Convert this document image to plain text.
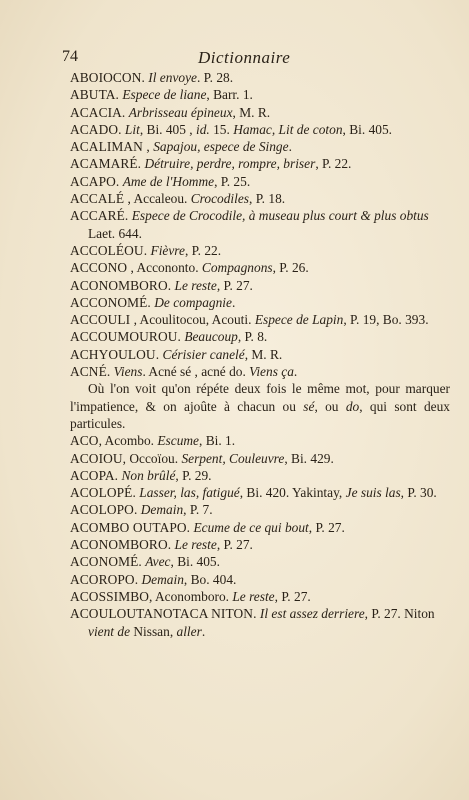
74	Dictionnaire

ABOIOCON. Il envoye. P. 28.

ABUTA. Espece de liane, Barr. 1.

ACACIA. Arbrisseau épineux, M. R.

ACADO. Lit, Bi. 405 , id. 15. Hamac, Lit de coton, Bi. 405.

ACALIMAN , Sapajou, espece de Singe.

ACAMARÉ. Détruire, perdre, rompre, briser, P. 22.

ACAPO. Ame de l'Homme, P. 25.

ACCALÉ , Accaleou. Crocodiles, P. 18.

ACCARÉ. Espece de Crocodile, à museau plus court & plus obtus Laet. 644.

ACCOLÉOU. Fièvre, P. 22.

ACCONO , Accononto. Compagnons, P. 26.

ACONOMBORO. Le reste, P. 27.

ACCONOMÉ. De compagnie.

ACCOULI , Acoulitocou, Acouti. Espece de Lapin, P. 19, Bo. 393.

ACCOUMOUROU. Beaucoup, P. 8.

ACHYOULOU. Cérisier canelé, M. R.

ACNÉ. Viens. Acné sé , acné do. Viens ça.

Où l'on voit qu'on répéte deux fois le même mot, pour marquer l'impatience, & on ajoûte à chacun ou sé, ou do, qui sont deux particules.

ACO, Acombo. Escume, Bi. 1.

ACOIOU, Occoïou. Serpent, Couleuvre, Bi. 429.

ACOPA. Non brûlé, P. 29.

ACOLOPÉ. Lasser, las, fatigué, Bi. 420. Yakintay, Je suis las, P. 30.

ACOLOPO. Demain, P. 7.

ACOMBO OUTAPO. Ecume de ce qui bout, P. 27.

ACONOMBORO. Le reste, P. 27.

ACONOMÉ. Avec, Bi. 405.

ACOROPO. Demain, Bo. 404.

ACOSSIMBO, Aconomboro. Le reste, P. 27.

ACOULOUTANOTACA NITON. Il est assez derriere, P. 27. Niton vient de Nissan, aller.
